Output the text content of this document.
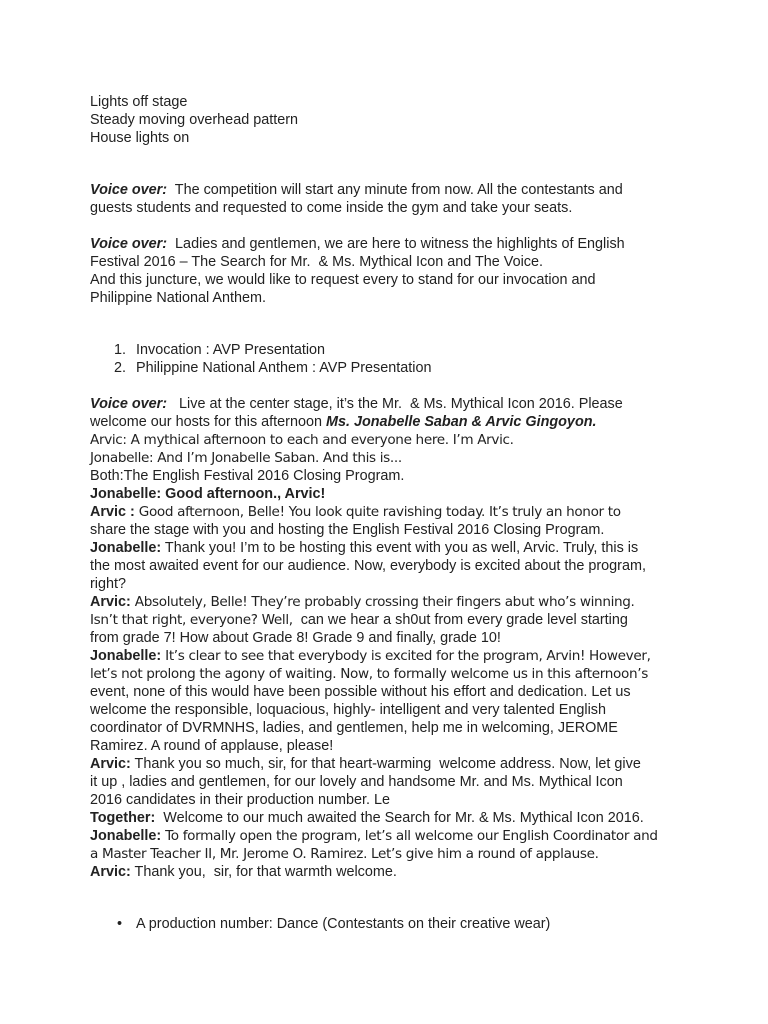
Lights off stage
Steady moving overhead pattern
House lights on
Voice over:  The competition will start any minute from now. All the contestants and
guests students and requested to come inside the gym and take your seats.
Voice over:  Ladies and gentlemen, we are here to witness the highlights of English
Festival 2016 – The Search for Mr.  & Ms. Mythical Icon and The Voice.
And this juncture, we would like to request every to stand for our invocation and
Philippine National Anthem.
1. Invocation : AVP Presentation
2. Philippine National Anthem : AVP Presentation
Voice over:   Live at the center stage, it’s the Mr.  & Ms. Mythical Icon 2016. Please
welcome our hosts for this afternoon Ms. Jonabelle Saban & Arvic Gingoyon.
Arvic: A mythical afternoon to each and everyone here. I’m Arvic.
Jonabelle: And I’m Jonabelle Saban. And this is...
Both:The English Festival 2016 Closing Program.
Jonabelle: Good afternoon., Arvic!
Arvic : Good afternoon, Belle! You look quite ravishing today. It’s truly an honor to
share the stage with you and hosting the English Festival 2016 Closing Program.
Jonabelle: Thank you! I’m to be hosting this event with you as well, Arvic. Truly, this is
the most awaited event for our audience. Now, everybody is excited about the program,
right?
Arvic: Absolutely, Belle! They’re probably crossing their fingers abut who’s winning.
Isn’t that right, everyone? Well,  can we hear a sh0ut from every grade level starting
from grade 7! How about Grade 8! Grade 9 and finally, grade 10!
Jonabelle: It’s clear to see that everybody is excited for the program, Arvin! However,
let’s not prolong the agony of waiting. Now, to formally welcome us in this afternoon’s
event, none of this would have been possible without his effort and dedication. Let us
welcome the responsible, loquacious, highly- intelligent and very talented English
coordinator of DVRMNHS, ladies, and gentlemen, help me in welcoming, JEROME
Ramirez. A round of applause, please!
Arvic: Thank you so much, sir, for that heart-warming  welcome address. Now, let give
it up , ladies and gentlemen, for our lovely and handsome Mr. and Ms. Mythical Icon
2016 candidates in their production number. Le
Together:  Welcome to our much awaited the Search for Mr. & Ms. Mythical Icon 2016.
Jonabelle: To formally open the program, let’s all welcome our English Coordinator and
a Master Teacher II, Mr. Jerome O. Ramirez. Let’s give him a round of applause.
Arvic: Thank you,  sir, for that warmth welcome.
• A production number: Dance (Contestants on their creative wear)
